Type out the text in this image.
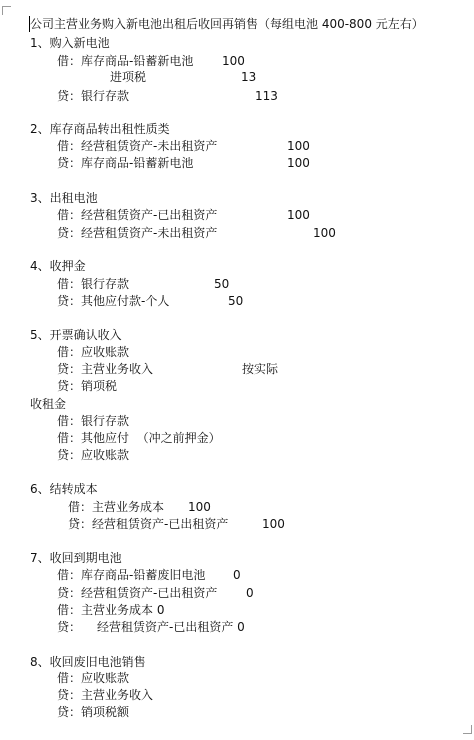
公司主营业务购入新电池出租后收回再销售（每组电池 400-800 元左右）
1、购入新电池
借：库存商品-铅蓄新电池 100
进项税	13
贷：银行存款	113
2、库存商品转出租性质类
借：经营租赁资产-未出租资产	100
贷：库存商品-铅蓄新电池	100
3、出租电池
借：经营租赁资产-已出租资产	100
贷：经营租赁资产-未出租资产	100
4、收押金
借：银行存款	50
贷：其他应付款-个人	50
5、开票确认收入
借：应收账款
贷：主营业务收入	按实际
贷：销项税
收租金
借：银行存款
借：其他应付  （冲之前押金）
贷：应收账款
6、结转成本
借：主营业务成本 100
贷：经营租赁资产-已出租资产	100
7、收回到期电池
借：库存商品-铅蓄废旧电池 0
贷：经营租赁资产-已出租资产 0
借：主营业务成本 0
贷： 经营租赁资产-已出租资产 0
8、收回废旧电池销售
借：应收账款
贷：主营业务收入
贷：销项税额
